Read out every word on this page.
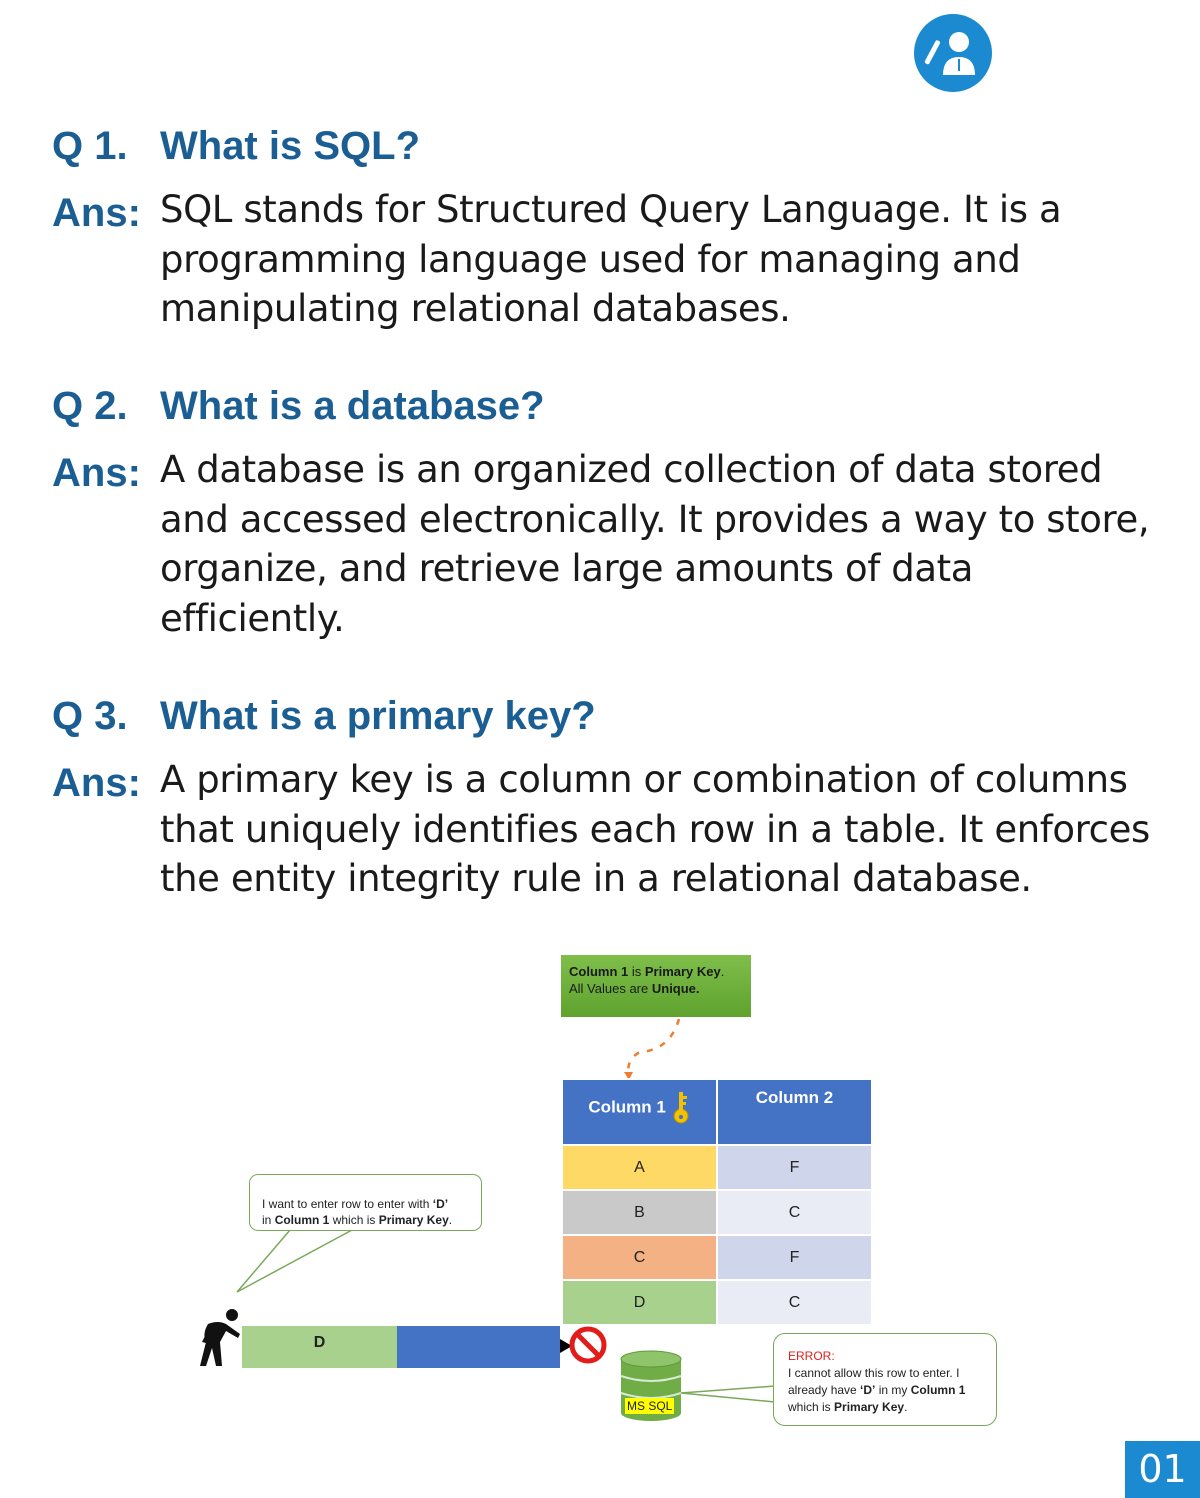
Q 1. What is SQL?
Ans: SQL stands for Structured Query Language. It is a programming language used for managing and manipulating relational databases.
Q 2. What is a database?
Ans: A database is an organized collection of data stored and accessed electronically. It provides a way to store, organize, and retrieve large amounts of data efficiently.
Q 3. What is a primary key?
Ans: A primary key is a column or combination of columns that uniquely identifies each row in a table. It enforces the entity integrity rule in a relational database.
Column 1 is Primary Key.
All Values are Unique.
Column 1	Column 2
A	F
B	C
C	F
D	C
I want to enter row to enter with ‘D’
in Column 1 which is Primary Key.
D
MS SQL
ERROR:
I cannot allow this row to enter. I
already have ‘D’ in my Column 1
which is Primary Key.
01
